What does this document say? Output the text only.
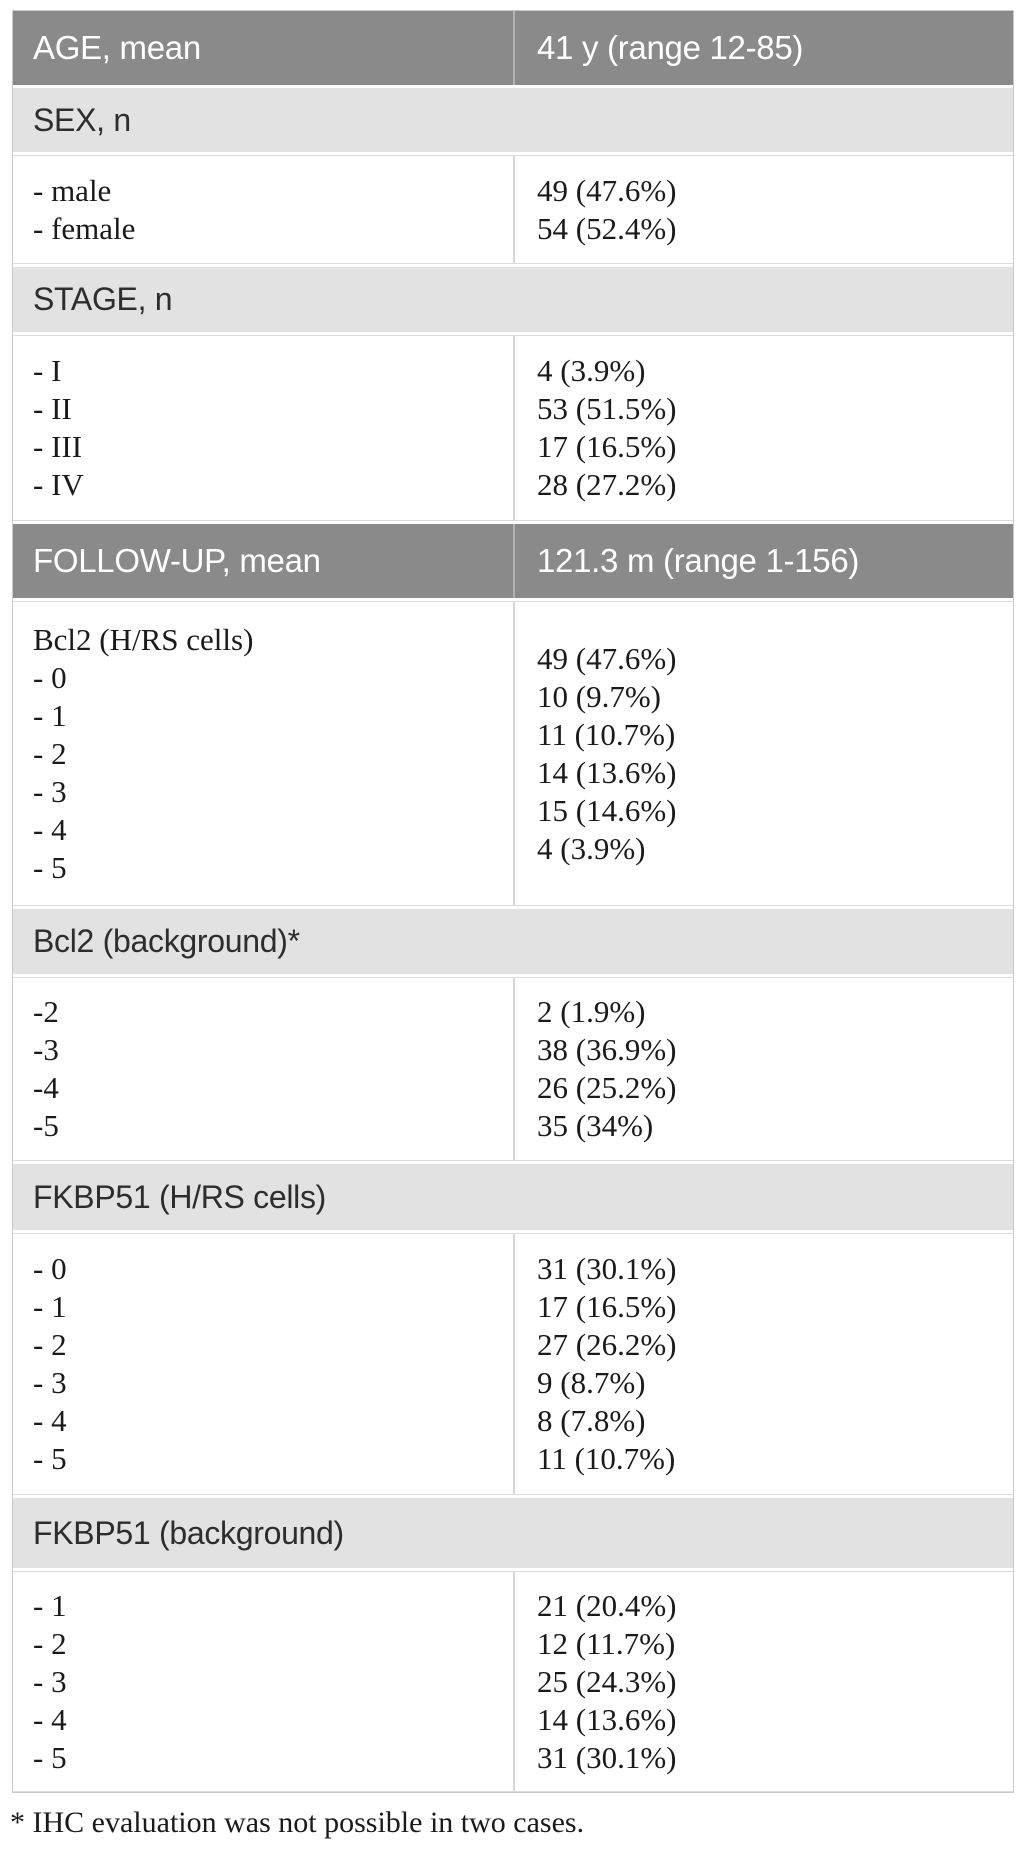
AGE, mean	41 y (range 12-85)
SEX, n
- male
- female
49 (47.6%)
54 (52.4%)
STAGE, n
- I
- II
- III
- IV
4 (3.9%)
53 (51.5%)
17 (16.5%)
28 (27.2%)
FOLLOW-UP, mean	121.3 m (range 1-156)
Bcl2 (H/RS cells)
- 0
- 1
- 2
- 3
- 4
- 5
49 (47.6%)
10 (9.7%)
11 (10.7%)
14 (13.6%)
15 (14.6%)
4 (3.9%)
Bcl2 (background)*
-2
-3
-4
-5
2 (1.9%)
38 (36.9%)
26 (25.2%)
35 (34%)
FKBP51 (H/RS cells)
- 0
- 1
- 2
- 3
- 4
- 5
31 (30.1%)
17 (16.5%)
27 (26.2%)
9 (8.7%)
8 (7.8%)
11 (10.7%)
FKBP51 (background)
- 1
- 2
- 3
- 4
- 5
21 (20.4%)
12 (11.7%)
25 (24.3%)
14 (13.6%)
31 (30.1%)
* IHC evaluation was not possible in two cases.
